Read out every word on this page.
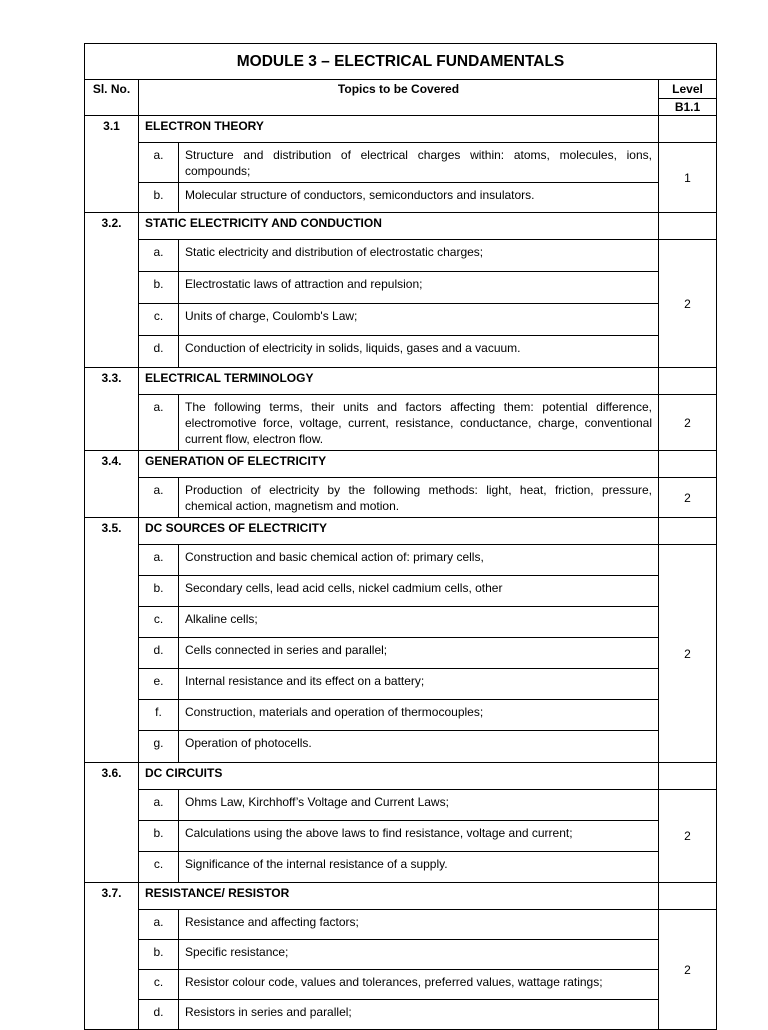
MODULE 3 – ELECTRICAL FUNDAMENTALS			
Sl. No.	Topics to be Covered		Level
			B1.1
3.1	ELECTRON THEORY		
	a.	Structure and distribution of electrical charges within: atoms, molecules, ions, compounds;	1
	b.	Molecular structure of conductors, semiconductors and insulators.	
3.2.	STATIC ELECTRICITY AND CONDUCTION		
	a.	Static electricity and distribution of electrostatic charges;	2
	b.	Electrostatic laws of attraction and repulsion;	
	c.	Units of charge, Coulomb's Law;	
	d.	Conduction of electricity in solids, liquids, gases and a vacuum.	
3.3.	ELECTRICAL TERMINOLOGY		
	a.	The following terms, their units and factors affecting them: potential difference, electromotive force, voltage, current, resistance, conductance, charge, conventional current flow, electron flow.	2
3.4.	GENERATION OF ELECTRICITY		
	a.	Production of electricity by the following methods: light, heat, friction, pressure, chemical action, magnetism and motion.	2
3.5.	DC SOURCES OF ELECTRICITY		
	a.	Construction and basic chemical action of: primary cells,	2
	b.	Secondary cells, lead acid cells, nickel cadmium cells, other	
	c.	Alkaline cells;	
	d.	Cells connected in series and parallel;	
	e.	Internal resistance and its effect on a battery;	
	f.	Construction, materials and operation of thermocouples;	
	g.	Operation of photocells.	
3.6.	DC CIRCUITS		
	a.	Ohms Law, Kirchhoff’s Voltage and Current Laws;	2
	b.	Calculations using the above laws to find resistance, voltage and current;	
	c.	Significance of the internal resistance of a supply.	
3.7.	RESISTANCE/ RESISTOR		
	a.	Resistance and affecting factors;	2
	b.	Specific resistance;	
	c.	Resistor colour code, values and tolerances, preferred values, wattage ratings;	
	d.	Resistors in series and parallel;	
